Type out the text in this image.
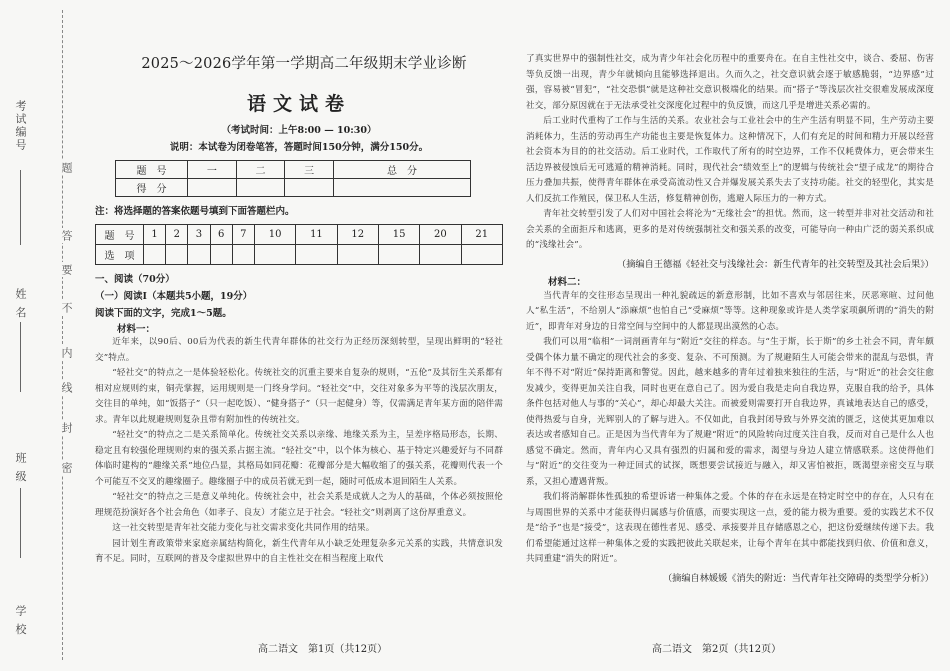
考试编号
姓 名
班 级
学 校
题
答
要
不
内
线
封
密
2025～2026学年第一学期高二年级期末学业诊断
语文试卷
（考试时间：上午8:00 — 10:30）
说明：本试卷为闭卷笔答，答题时间150分钟，满分150分。
题　号	一	二	三	总　分
得　分				
注：将选择题的答案依题号填到下面答题栏内。
题　号	1	2	3	6	7	10	11	12	15	20	21
选　项											
一、阅读（70分）
（一）阅读Ⅰ（本题共5小题，19分）
阅读下面的文字，完成1～5题。
材料一：

近年来，以90后、00后为代表的新生代青年群体的社交行为正经历深刻转型，呈现出鲜明的“轻社交”特点。

“轻社交”的特点之一是体验轻松化。传统社交的沉重主要来自复杂的规则，“五伦”及其衍生关系都有相对应规则约束，铜壳掌握，运用规则是一门终身学问。“轻社交”中，交往对象多为平等的浅层次朋友，交往目的单纯，如“饭搭子”（只一起吃饭）、“健身搭子”（只一起健身）等，仅需满足青年某方面的陪伴需求。青年以此规避规则复杂且带有附加性的传统社交。

“轻社交”的特点之二是关系简单化。传统社交关系以亲缘、地缘关系为主，呈差序格局形态，长期、稳定且有较强伦理规则约束的强关系占据主流。“轻社交”中，以个体为核心、基于特定兴趣爱好与不同群体临时建构的“趣缘关系”地位凸显，其格局如同花瓣：花瓣部分是大幅收缩了的强关系，花瓣则代表一个个可能互不交叉的趣缘圈子。趣缘圈子中的成员若就无到一起，随时可低成本退回陌生人关系。

“轻社交”的特点之三是意义单纯化。传统社会中，社会关系是成就人之为人的基础，个体必须按照伦理规范扮演好各个社会角色（如孝子、良友）才能立足于社会。“轻社交”则剥离了这份厚重意义。

这一社交转型是青年社交能力变化与社交需求变化共同作用的结果。

园计划生育政策带来家庭亲属结构简化，新生代青年从小缺乏处理复杂多元关系的实践，共情意识发育不足。同时，互联网的普及令虚拟世界中的自主性社交在相当程度上取代

高二语文　第1页（共12页）

了真实世界中的强制性社交，成为青少年社会化历程中的重要舟在。在自主性社交中，谈合、委屈、伤害等负反馈一出现，青少年就倾向且能够选择退出。久而久之，社交意识就会逐于敏感脆弱，“边界感”过强，容易被“冒犯”，“社交恐惧”就是这种社交意识极端化的结果。而“搭子”等浅层次社交很难发展成深度社交，部分原因就在于无法承受社交深度化过程中的负反馈，而这几乎是增进关系必需的。

后工业时代重构了工作与生活的关系。农业社会与工业社会中的生产生活有明显不同，生产劳动主要消耗体力，生活的劳动再生产功能也主要是恢复体力。这种情况下，人们有充足的时间和精力开展以经营社会资本为目的的社交活动。后工业时代，工作取代了所有的时空边界，工作不仅耗费体力，更会带来生活边界被侵蚀后无可逃遁的精神消耗。同时，现代社会“绩效至上”的逻辑与传统社会“望子成龙”的期待合压力叠加共振，使得青年群体在承受高流动性又合并爆发展关系失去了支持功能。社交的轻型化，其实是人们反抗工作殖民，保卫私人生活，修复精神创伤，逃避人际压力的一种方式。

青年社交转型引发了人们对中国社会将沦为“无缘社会”的担忧。然而，这一转型并非对社交活动和社会关系的全面拒斥和逃离，更多的是对传统强制社交和强关系的改变，可能导向一种由广泛的弱关系织成的“浅缘社会”。

（摘编自王德福《轻社交与浅缘社会：新生代青年的社交转型及其社会后果》）
材料二：

当代青年的交往形态呈现出一种礼貌疏远的新意形制，比如不喜欢与邻居往来，厌恶寒暄、过问他人“私生活”，不给别人“添麻烦”也怕自己“受麻烦”等等。这种现象或许是人类学家项飙所谓的“消失的附近”，即青年对身边的日常空间与空间中的人都显现出漠然的心态。

我们可以用“临相”一词剖画青年与“附近”交往的样态。与“生于斯，长于斯”的乡土社会不同，青年颇受偶个体力量不确定的现代社会的多变、复杂、不可预测。为了规避陌生人可能会带来的混乱与恐惧，青年不得不对“附近”保持距离和警觉。因此，越来越多的青年过着独来独往的生活，与“附近”的社会交往愈发减少，变得更加关注自我，同时也更在意自己了。因为爱自我是走向自我边界，克服自我的给予，具体条件包括对他人与事的“关心”，却心却最大关注。而被爱则需要打开自我边界，真诚地表达自己的感受，使得热爱与自身，光辉别人的了解与进入。不仅如此，自我封闭导致与外界交流的匮乏，这使其更加难以表达或者感知自己。正是因为当代青年为了规避“附近”的风险转向过度关注自我，反而对自己是什么人也感觉不确定。然而，青年内心又具有强烈的归属和爱的需求，渴望与身边人建立情感联系。这使得他们与“附近”的交往变为一种迂回式的试探，既想要尝试接近与融入，却又害怕被拒，既渴望亲密交互与联系，又担心遭遇背叛。

我们将消解群体性孤独的希望诉诸一种集体之爱。个体的存在永远是在特定时空中的存在，人只有在与周围世界的关系中才能获得归属感与价值感，而要实现这一点，爱的能力极为重要。爱的实践艺术不仅是“给予”也是“接受”，这表现在德性者见、感受、承接要并且存储感恩之心，把这份爱继续传递下去。我们希望能通过这样一种集体之爱的实践把彼此关联起来，让每个青年在其中都能找到归依、价值和意义，共同重建“消失的附近”。

（摘编自林媛媛《消失的附近：当代青年社交障碍的类型学分析》）
高二语文　第2页（共12页）
